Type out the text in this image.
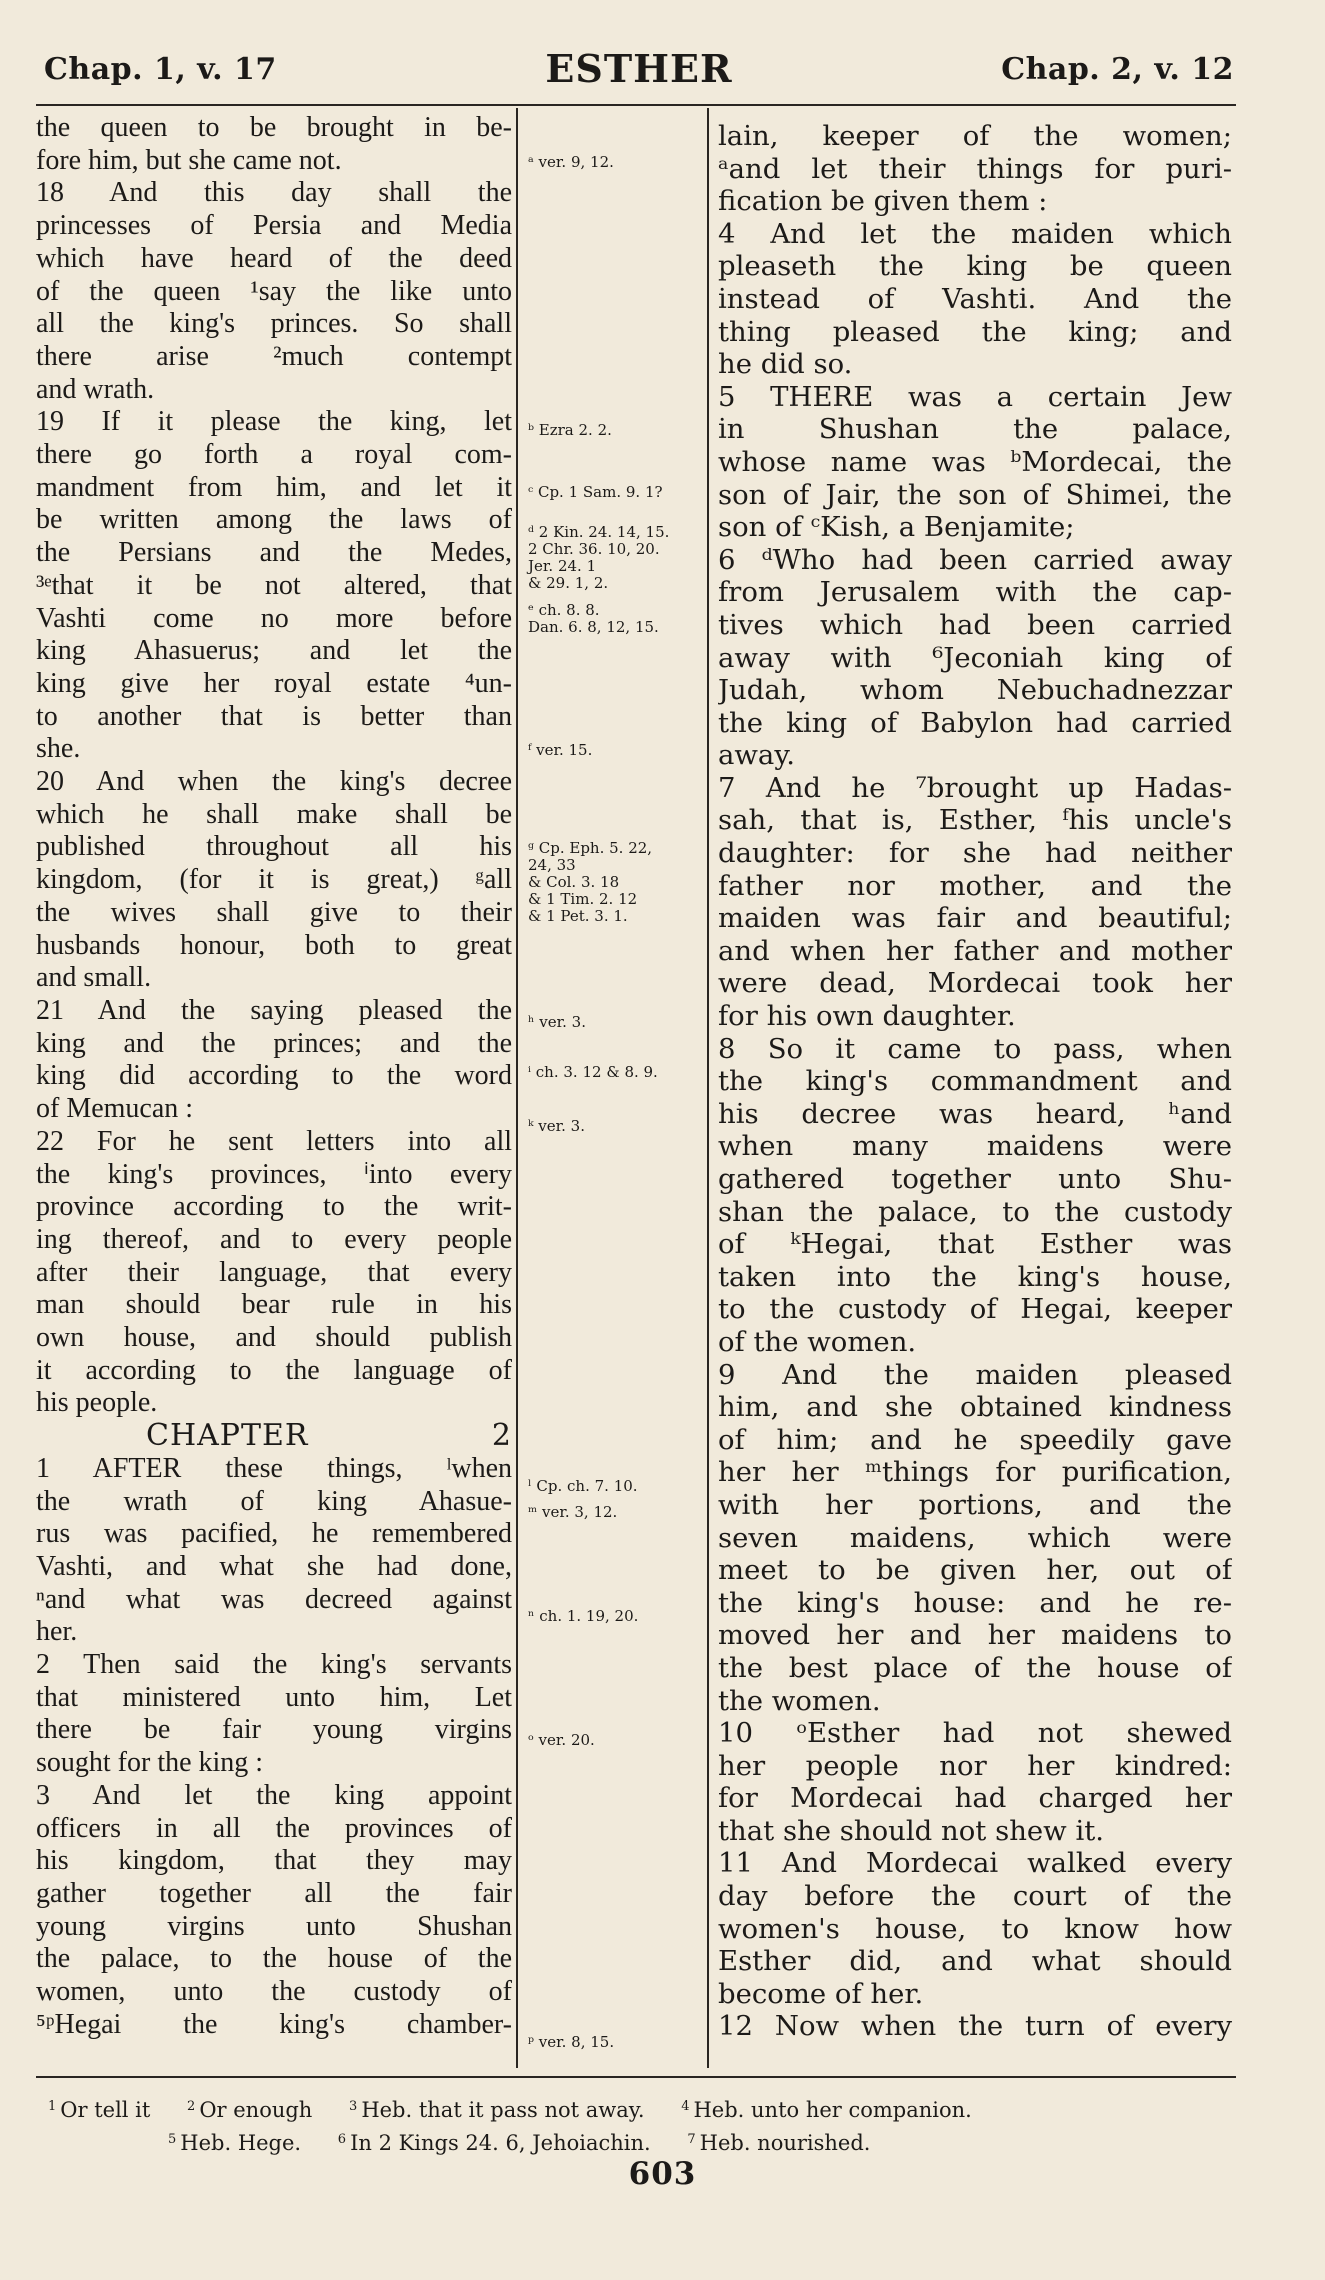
Chap. 1, v. 17	ESTHER	Chap. 2, v. 12
the queen to be brought in be-
fore him, but she came not.
18 And this day shall the
princesses of Persia and Media
which have heard of the deed
of the queen ¹say the like unto
all the king's princes. So shall
there arise ²much contempt
and wrath.
19 If it please the king, let
there go forth a royal com-
mandment from him, and let it
be written among the laws of
the Persians and the Medes,
³ᵉthat it be not altered, that
Vashti come no more before
king Ahasuerus; and let the
king give her royal estate ⁴un-
to another that is better than
she.
20 And when the king's decree
which he shall make shall be
published throughout all his
kingdom, (for it is great,) ᵍall
the wives shall give to their
husbands honour, both to great
and small.
21 And the saying pleased the
king and the princes; and the
king did according to the word
of Memucan :
22 For he sent letters into all
the king's provinces, ⁱinto every
province according to the writ-
ing thereof, and to every people
after their language, that every
man should bear rule in his
own house, and should publish
it according to the language of
his people.
CHAPTER 2
1 AFTER these things, ˡwhen
the wrath of king Ahasue-
rus was pacified, he remembered
Vashti, and what she had done,
ⁿand what was decreed against
her.
2 Then said the king's servants
that ministered unto him, Let
there be fair young virgins
sought for the king :
3 And let the king appoint
officers in all the provinces of
his kingdom, that they may
gather together all the fair
young virgins unto Shushan
the palace, to the house of the
women, unto the custody of
⁵ᵖHegai the king's chamber-
ᵃ ver. 9, 12.
ᵇ Ezra 2. 2.
ᶜ Cp. 1 Sam. 9. 1?
ᵈ 2 Kin. 24. 14, 15.
2 Chr. 36. 10, 20.
Jer. 24. 1
& 29. 1, 2.
ᵉ ch. 8. 8.
Dan. 6. 8, 12, 15.
ᶠ ver. 15.
ᵍ Cp. Eph. 5. 22,
24, 33
& Col. 3. 18
& 1 Tim. 2. 12
& 1 Pet. 3. 1.
ʰ ver. 3.
ⁱ ch. 3. 12 & 8. 9.
ᵏ ver. 3.
ˡ Cp. ch. 7. 10.
ᵐ ver. 3, 12.
ⁿ ch. 1. 19, 20.
ᵒ ver. 20.
ᵖ ver. 8, 15.
lain, keeper of the women;
ᵃand let their things for puri-
fication be given them :
4 And let the maiden which
pleaseth the king be queen
instead of Vashti. And the
thing pleased the king; and
he did so.
5 THERE was a certain Jew
in Shushan the palace,
whose name was ᵇMordecai, the
son of Jair, the son of Shimei, the
son of ᶜKish, a Benjamite;
6 ᵈWho had been carried away
from Jerusalem with the cap-
tives which had been carried
away with ⁶Jeconiah king of
Judah, whom Nebuchadnezzar
the king of Babylon had carried
away.
7 And he ⁷brought up Hadas-
sah, that is, Esther, ᶠhis uncle's
daughter: for she had neither
father nor mother, and the
maiden was fair and beautiful;
and when her father and mother
were dead, Mordecai took her
for his own daughter.
8 So it came to pass, when
the king's commandment and
his decree was heard, ʰand
when many maidens were
gathered together unto Shu-
shan the palace, to the custody
of ᵏHegai, that Esther was
taken into the king's house,
to the custody of Hegai, keeper
of the women.
9 And the maiden pleased
him, and she obtained kindness
of him; and he speedily gave
her her ᵐthings for purification,
with her portions, and the
seven maidens, which were
meet to be given her, out of
the king's house: and he re-
moved her and her maidens to
the best place of the house of
the women.
10 ᵒEsther had not shewed
her people nor her kindred:
for Mordecai had charged her
that she should not shew it.
11 And Mordecai walked every
day before the court of the
women's house, to know how
Esther did, and what should
become of her.
12 Now when the turn of every
$^1$ Or tell it	$^2$ Or enough	$^3$ Heb. that it pass not away.	$^4$ Heb. unto her companion.
$^5$ Heb. Hege.	$^6$ In 2 Kings 24. 6, Jehoiachin.	$^7$ Heb. nourished.
603
